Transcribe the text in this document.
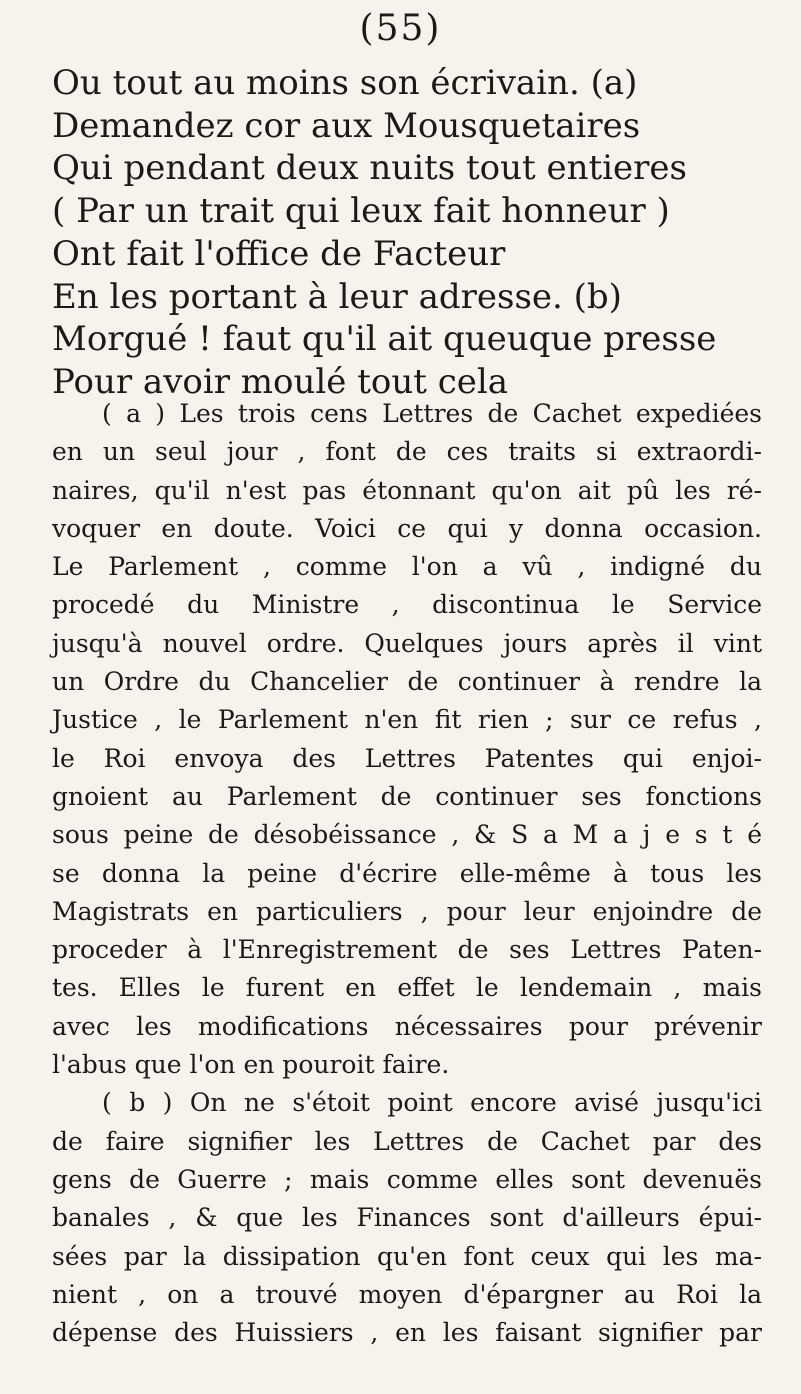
(55)
Ou tout au moins son écrivain. (a)
Demandez cor aux Mousquetaires
Qui pendant deux nuits tout entieres
( Par un trait qui leux fait honneur )
Ont fait l'office de Facteur
En les portant à leur adresse. (b)
Morgué ! faut qu'il ait queuque presse
Pour avoir moulé tout cela
( a ) Les trois cens Lettres de Cachet expediées
en un seul jour , font de ces traits si extraordi-
naires, qu'il n'est pas étonnant qu'on ait pû les ré-
voquer en doute. Voici ce qui y donna occasion.
Le Parlement , comme l'on a vû , indigné du
procedé du Ministre , discontinua le Service
jusqu'à nouvel ordre. Quelques jours après il vint
un Ordre du Chancelier de continuer à rendre la
Justice , le Parlement n'en fit rien ; sur ce refus ,
le Roi envoya des Lettres Patentes qui enjoi-
gnoient au Parlement de continuer ses fonctions
sous peine de désobéissance , & S a M a j e s t é
se donna la peine d'écrire elle-même à tous les
Magistrats en particuliers , pour leur enjoindre de
proceder à l'Enregistrement de ses Lettres Paten-
tes. Elles le furent en effet le lendemain , mais
avec les modifications nécessaires pour prévenir
l'abus que l'on en pouroit faire.
( b ) On ne s'étoit point encore avisé jusqu'ici
de faire signifier les Lettres de Cachet par des
gens de Guerre ; mais comme elles sont devenuës
banales , & que les Finances sont d'ailleurs épui-
sées par la dissipation qu'en font ceux qui les ma-
nient , on a trouvé moyen d'épargner au Roi la
dépense des Huissiers , en les faisant signifier par
